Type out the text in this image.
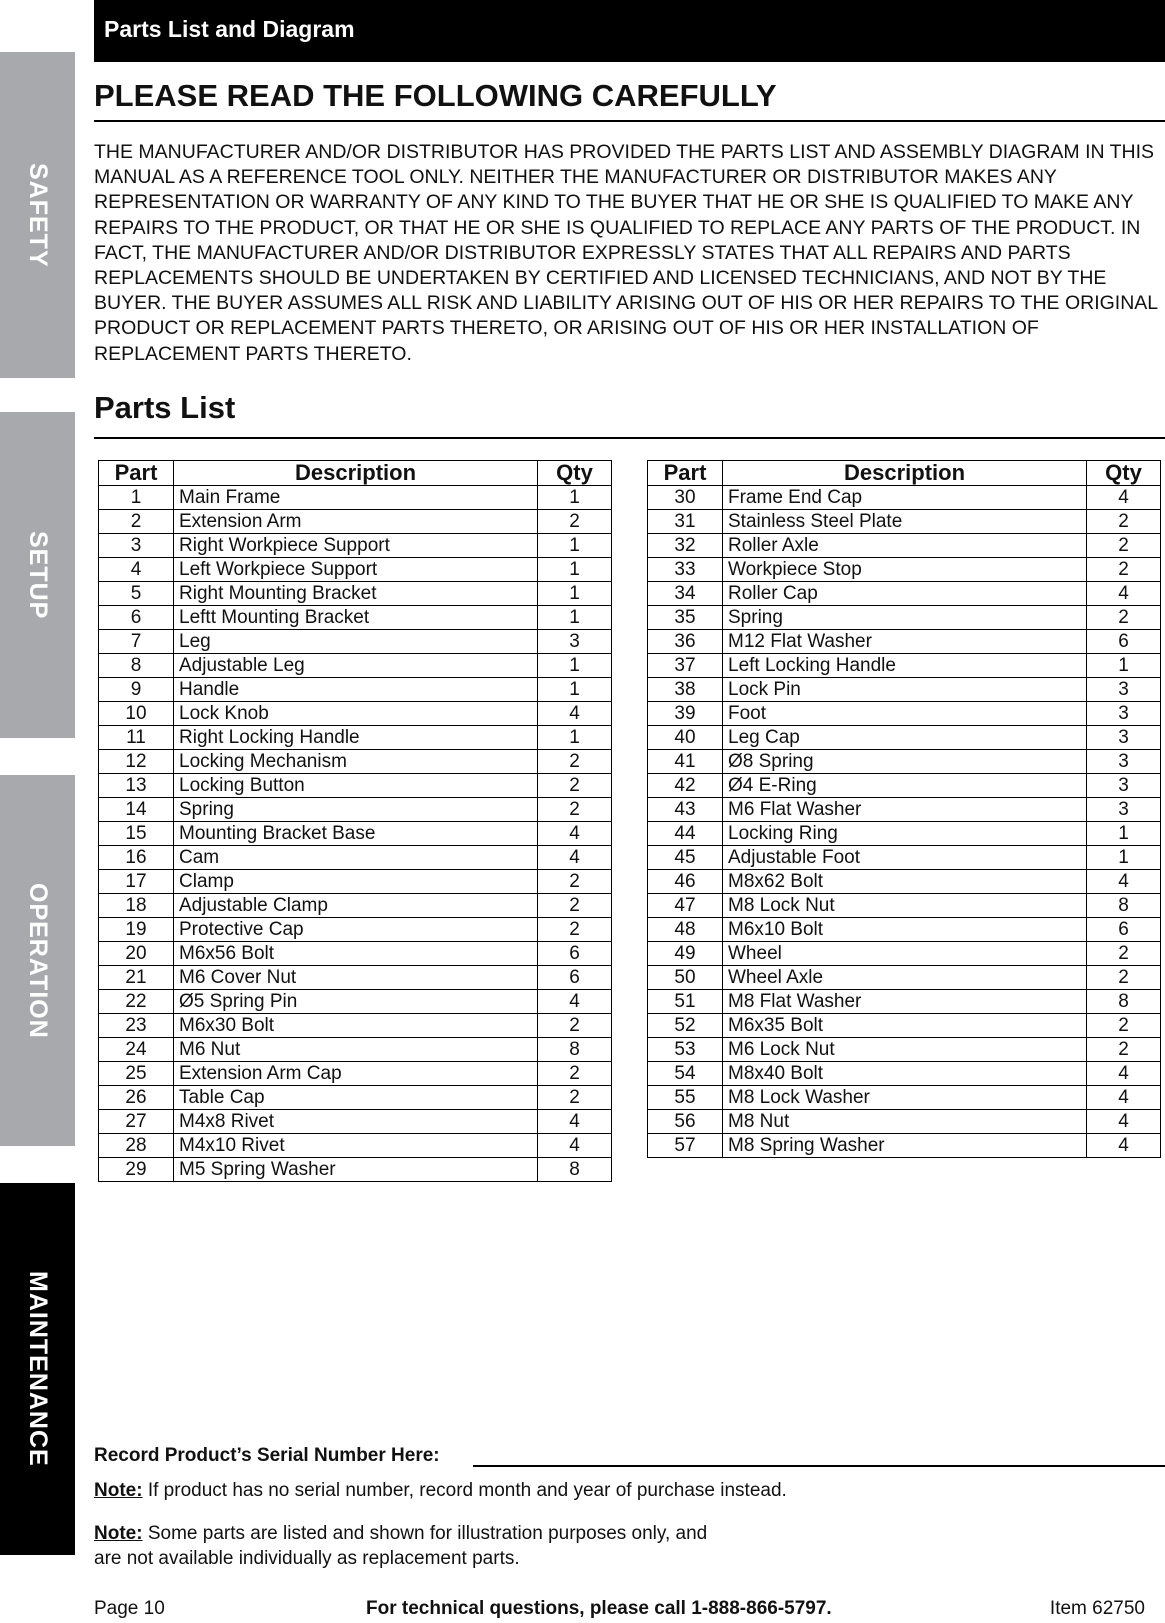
SAFETY
SETUP
OPERATION
MAINTENANCE
Parts List and Diagram
PLEASE READ THE FOLLOWING CAREFULLY
THE MANUFACTURER AND/OR DISTRIBUTOR HAS PROVIDED THE PARTS LIST AND ASSEMBLY DIAGRAM IN THIS MANUAL AS A REFERENCE TOOL ONLY. NEITHER THE MANUFACTURER OR DISTRIBUTOR MAKES ANY REPRESENTATION OR WARRANTY OF ANY KIND TO THE BUYER THAT HE OR SHE IS QUALIFIED TO MAKE ANY REPAIRS TO THE PRODUCT, OR THAT HE OR SHE IS QUALIFIED TO REPLACE ANY PARTS OF THE PRODUCT. IN FACT, THE MANUFACTURER AND/OR DISTRIBUTOR EXPRESSLY STATES THAT ALL REPAIRS AND PARTS REPLACEMENTS SHOULD BE UNDERTAKEN BY CERTIFIED AND LICENSED TECHNICIANS, AND NOT BY THE BUYER. THE BUYER ASSUMES ALL RISK AND LIABILITY ARISING OUT OF HIS OR HER REPAIRS TO THE ORIGINAL PRODUCT OR REPLACEMENT PARTS THERETO, OR ARISING OUT OF HIS OR HER INSTALLATION OF REPLACEMENT PARTS THERETO.
Parts List
Part	Description	Qty
1	Main Frame	1
2	Extension Arm	2
3	Right Workpiece Support	1
4	Left Workpiece Support	1
5	Right Mounting Bracket	1
6	Leftt Mounting Bracket	1
7	Leg	3
8	Adjustable Leg	1
9	Handle	1
10	Lock Knob	4
11	Right Locking Handle	1
12	Locking Mechanism	2
13	Locking Button	2
14	Spring	2
15	Mounting Bracket Base	4
16	Cam	4
17	Clamp	2
18	Adjustable Clamp	2
19	Protective Cap	2
20	M6x56 Bolt	6
21	M6 Cover Nut	6
22	Ø5 Spring Pin	4
23	M6x30 Bolt	2
24	M6 Nut	8
25	Extension Arm Cap	2
26	Table Cap	2
27	M4x8 Rivet	4
28	M4x10 Rivet	4
29	M5 Spring Washer	8
Part	Description	Qty
30	Frame End Cap	4
31	Stainless Steel Plate	2
32	Roller Axle	2
33	Workpiece Stop	2
34	Roller Cap	4
35	Spring	2
36	M12 Flat Washer	6
37	Left Locking Handle	1
38	Lock Pin	3
39	Foot	3
40	Leg Cap	3
41	Ø8 Spring	3
42	Ø4 E-Ring	3
43	M6 Flat Washer	3
44	Locking Ring	1
45	Adjustable Foot	1
46	M8x62 Bolt	4
47	M8 Lock Nut	8
48	M6x10 Bolt	6
49	Wheel	2
50	Wheel Axle	2
51	M8 Flat Washer	8
52	M6x35 Bolt	2
53	M6 Lock Nut	2
54	M8x40 Bolt	4
55	M8 Lock Washer	4
56	M8 Nut	4
57	M8 Spring Washer	4
Record Product’s Serial Number Here:
Note: If product has no serial number, record month and year of purchase instead.
Note: Some parts are listed and shown for illustration purposes only, and are not available individually as replacement parts.
Page 10	For technical questions, please call 1-888-866-5797.	Item 62750
